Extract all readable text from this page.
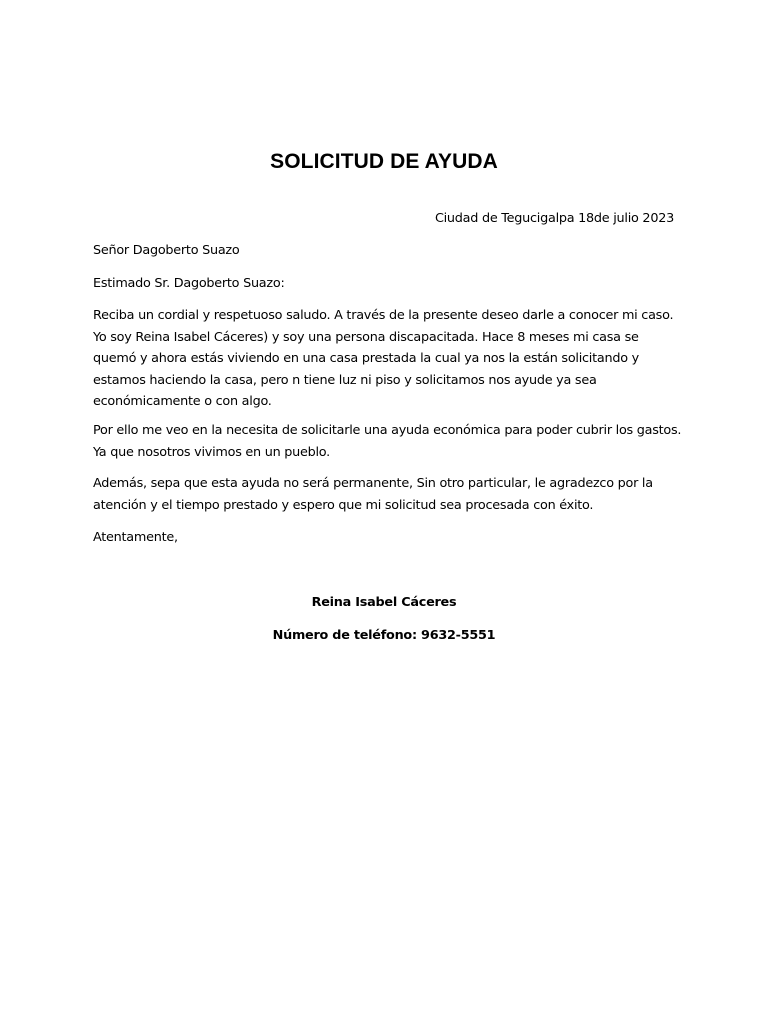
SOLICITUD DE AYUDA
Ciudad de Tegucigalpa 18de julio 2023
Señor Dagoberto Suazo
Estimado Sr. Dagoberto Suazo:

Reciba un cordial y respetuoso saludo. A través de la presente deseo darle a conocer mi caso. Yo soy Reina Isabel Cáceres) y soy una persona discapacitada. Hace 8 meses mi casa se quemó y ahora estás viviendo en una casa prestada la cual ya nos la están solicitando y estamos haciendo la casa, pero n tiene luz ni piso y solicitamos nos ayude ya sea económicamente o con algo.

Por ello me veo en la necesita de solicitarle una ayuda económica para poder cubrir los gastos. Ya que nosotros vivimos en un pueblo.

Además, sepa que esta ayuda no será permanente, Sin otro particular, le agradezco por la atención y el tiempo prestado y espero que mi solicitud sea procesada con éxito.

Atentamente,
Reina Isabel Cáceres
Número de teléfono: 9632-5551
